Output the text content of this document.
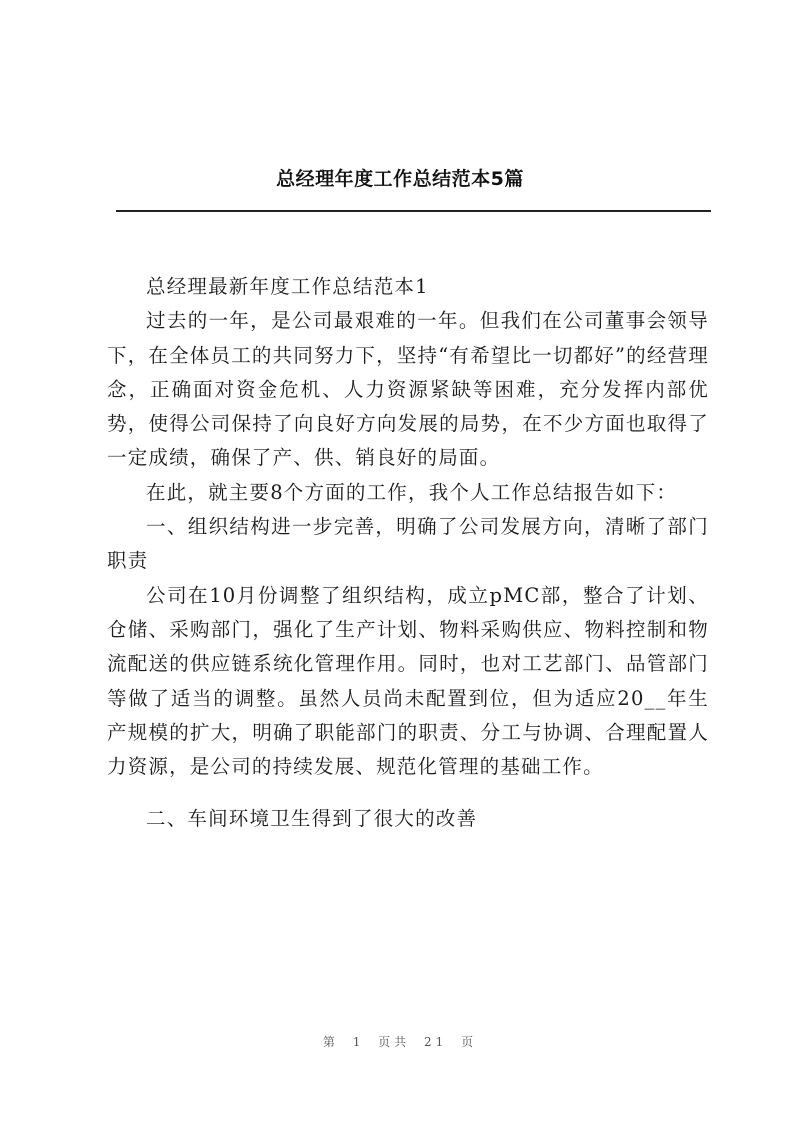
总经理年度工作总结范本5篇

总经理最新年度工作总结范本1

过去的一年，是公司最艰难的一年。但我们在公司董事会领导下，在全体员工的共同努力下，坚持“有希望比一切都好”的经营理念，正确面对资金危机、人力资源紧缺等困难，充分发挥内部优势，使得公司保持了向良好方向发展的局势，在不少方面也取得了一定成绩，确保了产、供、销良好的局面。

在此，就主要8个方面的工作，我个人工作总结报告如下：

一、组织结构进一步完善，明确了公司发展方向，清晰了部门职责

公司在10月份调整了组织结构，成立pMC部，整合了计划、仓储、采购部门，强化了生产计划、物料采购供应、物料控制和物流配送的供应链系统化管理作用。同时，也对工艺部门、品管部门等做了适当的调整。虽然人员尚未配置到位，但为适应20__年生产规模的扩大，明确了职能部门的职责、分工与协调、合理配置人力资源，是公司的持续发展、规范化管理的基础工作。

二、车间环境卫生得到了很大的改善

第 1 页共 21 页
